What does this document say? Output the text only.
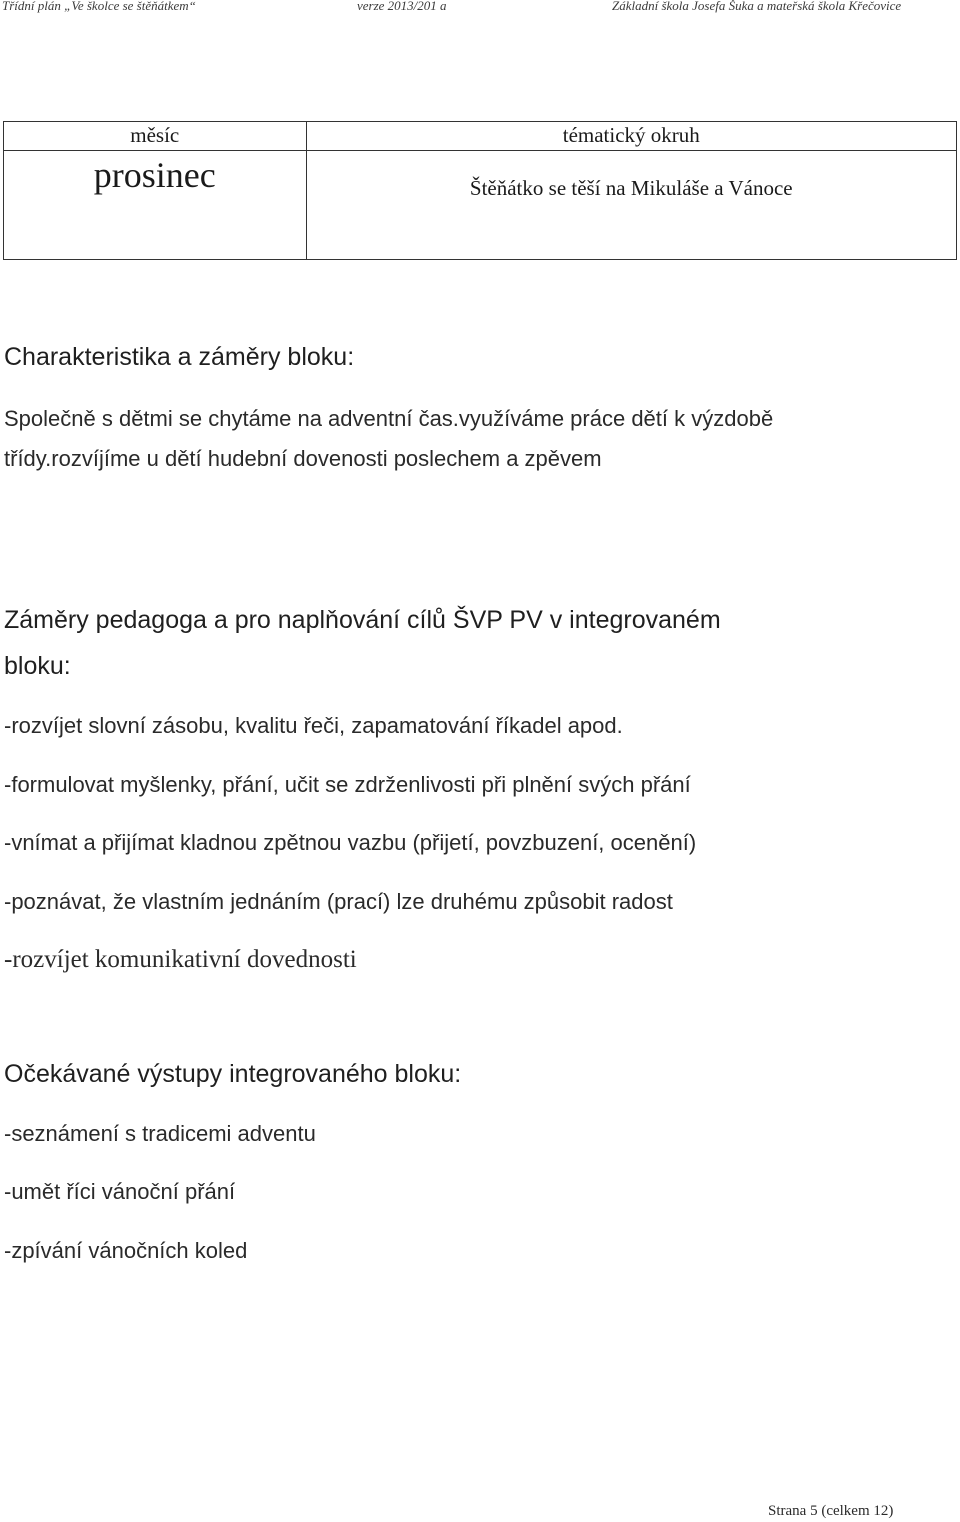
Třídní plán „Ve školce se štěňátkem“	verze 2013/201 a	Základní škola Josefa Šuka a mateřská škola Křečovice
měsíc	tématický okruh

prosinec	Štěňátko se těší na Mikuláše a Vánoce
Charakteristika a záměry bloku:
Společně s dětmi se chytáme na adventní čas.využíváme práce dětí k výzdobě
třídy.rozvíjíme u dětí hudební dovenosti poslechem a zpěvem
Záměry pedagoga a pro naplňování cílů ŠVP PV v integrovaném
bloku:
-rozvíjet slovní zásobu, kvalitu řeči, zapamatování říkadel apod.
-formulovat myšlenky, přání, učit se zdrženlivosti při plnění svých přání
-vnímat a přijímat kladnou zpětnou vazbu (přijetí, povzbuzení, ocenění)
-poznávat, že vlastním jednáním (prací) lze druhému způsobit radost
-rozvíjet komunikativní dovednosti
Očekávané výstupy integrovaného bloku:
-seznámení s tradicemi adventu
-umět říci vánoční přání
-zpívání vánočních koled
Strana 5 (celkem 12)
